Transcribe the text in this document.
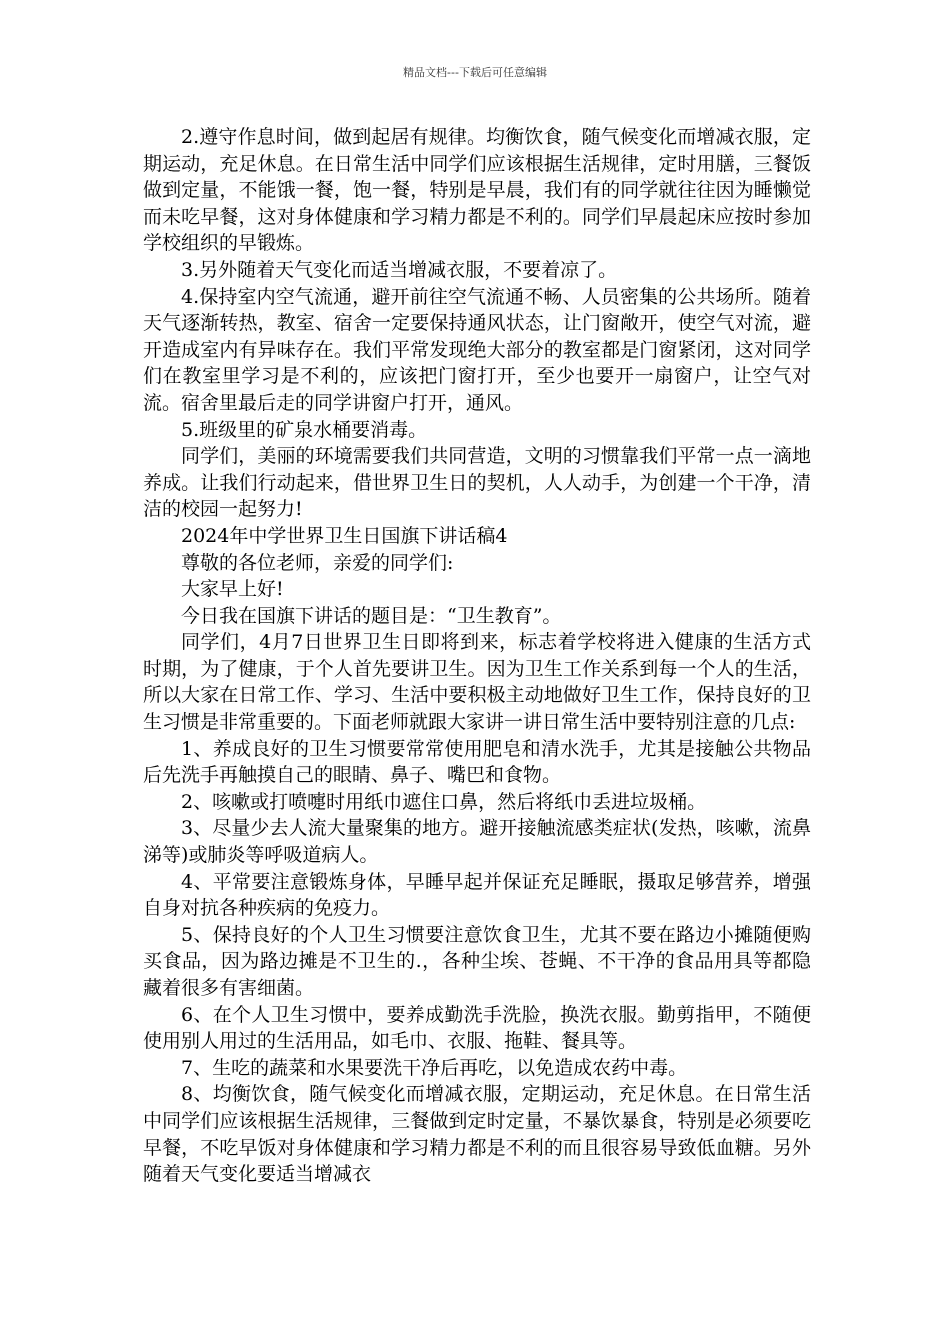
精品文档---下载后可任意编辑

2.遵守作息时间，做到起居有规律。均衡饮食，随气候变化而增减衣服，定期运动，充足休息。在日常生活中同学们应该根据生活规律，定时用膳，三餐饭做到定量，不能饿一餐，饱一餐，特别是早晨，我们有的同学就往往因为睡懒觉而未吃早餐，这对身体健康和学习精力都是不利的。同学们早晨起床应按时参加学校组织的早锻炼。

3.另外随着天气变化而适当增减衣服，不要着凉了。

4.保持室内空气流通，避开前往空气流通不畅、人员密集的公共场所。随着天气逐渐转热，教室、宿舍一定要保持通风状态，让门窗敞开，使空气对流，避开造成室内有异味存在。我们平常发现绝大部分的教室都是门窗紧闭，这对同学们在教室里学习是不利的，应该把门窗打开，至少也要开一扇窗户，让空气对流。宿舍里最后走的同学讲窗户打开，通风。

5.班级里的矿泉水桶要消毒。

同学们，美丽的环境需要我们共同营造，文明的习惯靠我们平常一点一滴地养成。让我们行动起来，借世界卫生日的契机，人人动手，为创建一个干净，清洁的校园一起努力!

2024年中学世界卫生日国旗下讲话稿4

尊敬的各位老师，亲爱的同学们:

大家早上好!

今日我在国旗下讲话的题目是：“卫生教育”。

同学们，4月7日世界卫生日即将到来，标志着学校将进入健康的生活方式时期，为了健康，于个人首先要讲卫生。因为卫生工作关系到每一个人的生活，所以大家在日常工作、学习、生活中要积极主动地做好卫生工作，保持良好的卫生习惯是非常重要的。下面老师就跟大家讲一讲日常生活中要特别注意的几点:

1、养成良好的卫生习惯要常常使用肥皂和清水洗手，尤其是接触公共物品后先洗手再触摸自己的眼睛、鼻子、嘴巴和食物。

2、咳嗽或打喷嚏时用纸巾遮住口鼻，然后将纸巾丢进垃圾桶。

3、尽量少去人流大量聚集的地方。避开接触流感类症状(发热，咳嗽，流鼻涕等)或肺炎等呼吸道病人。

4、平常要注意锻炼身体，早睡早起并保证充足睡眠，摄取足够营养，增强自身对抗各种疾病的免疫力。

5、保持良好的个人卫生习惯要注意饮食卫生，尤其不要在路边小摊随便购买食品，因为路边摊是不卫生的.，各种尘埃、苍蝇、不干净的食品用具等都隐藏着很多有害细菌。

6、在个人卫生习惯中，要养成勤洗手洗脸，换洗衣服。勤剪指甲，不随便使用别人用过的生活用品，如毛巾、衣服、拖鞋、餐具等。

7、生吃的蔬菜和水果要洗干净后再吃，以免造成农药中毒。

8、均衡饮食，随气候变化而增减衣服，定期运动，充足休息。在日常生活中同学们应该根据生活规律，三餐做到定时定量，不暴饮暴食，特别是必须要吃早餐，不吃早饭对身体健康和学习精力都是不利的而且很容易导致低血糖。另外随着天气变化要适当增减衣
